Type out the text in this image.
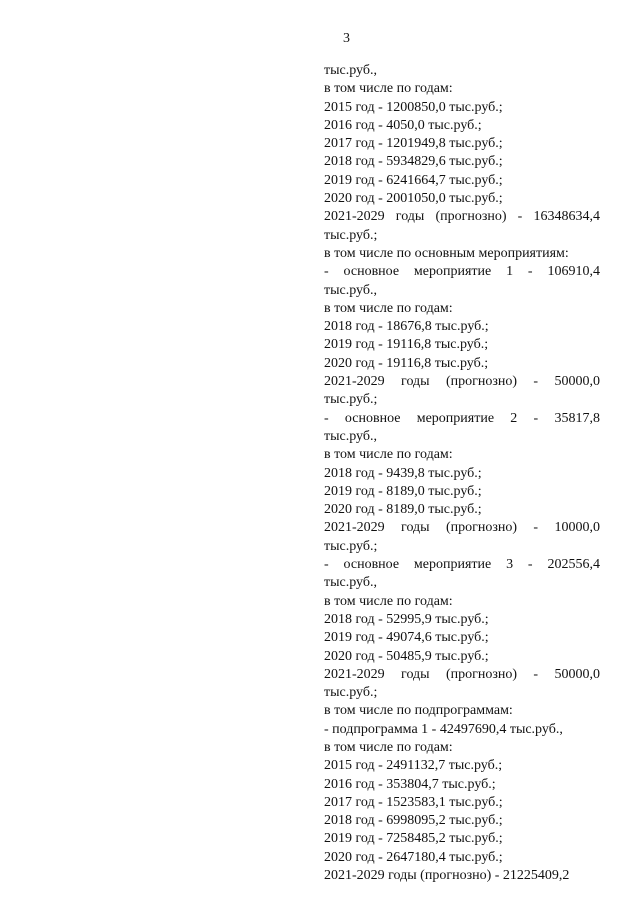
3
тыс.руб.,
в том числе по годам:
2015 год - 1200850,0 тыс.руб.;
2016 год - 4050,0 тыс.руб.;
2017 год - 1201949,8 тыс.руб.;
2018 год - 5934829,6 тыс.руб.;
2019 год - 6241664,7 тыс.руб.;
2020 год - 2001050,0 тыс.руб.;
2021-2029 годы (прогнозно) - 16348634,4
тыс.руб.;
в том числе по основным мероприятиям:
- основное мероприятие 1 - 106910,4
тыс.руб.,
в том числе по годам:
2018 год - 18676,8 тыс.руб.;
2019 год - 19116,8 тыс.руб.;
2020 год - 19116,8 тыс.руб.;
2021-2029 годы (прогнозно) - 50000,0
тыс.руб.;
- основное мероприятие 2 - 35817,8
тыс.руб.,
в том числе по годам:
2018 год - 9439,8 тыс.руб.;
2019 год - 8189,0 тыс.руб.;
2020 год - 8189,0 тыс.руб.;
2021-2029 годы (прогнозно) - 10000,0
тыс.руб.;
- основное мероприятие 3 - 202556,4
тыс.руб.,
в том числе по годам:
2018 год - 52995,9 тыс.руб.;
2019 год - 49074,6 тыс.руб.;
2020 год - 50485,9 тыс.руб.;
2021-2029 годы (прогнозно) - 50000,0
тыс.руб.;
в том числе по подпрограммам:
- подпрограмма 1 - 42497690,4 тыс.руб.,
в том числе по годам:
2015 год - 2491132,7 тыс.руб.;
2016 год - 353804,7 тыс.руб.;
2017 год - 1523583,1 тыс.руб.;
2018 год - 6998095,2 тыс.руб.;
2019 год - 7258485,2 тыс.руб.;
2020 год - 2647180,4 тыс.руб.;
2021-2029 годы (прогнозно) - 21225409,2
